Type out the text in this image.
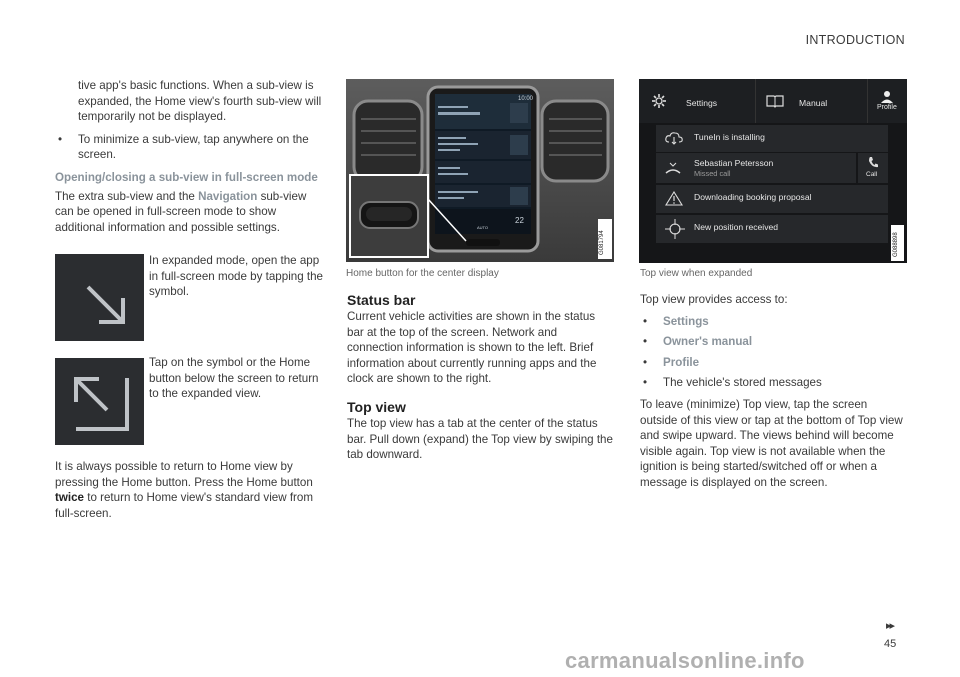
INTRODUCTION

tive app's basic functions. When a sub-view is expanded, the Home view's fourth sub-view will temporarily not be displayed.

• To minimize a sub-view, tap anywhere on the screen.

Opening/closing a sub-view in full-screen mode

The extra sub-view and the Navigation sub-view can be opened in full-screen mode to show additional information and possible settings.

In expanded mode, open the app in full-screen mode by tapping the symbol.
Tap on the symbol or the Home button below the screen to return to the expanded view.
It is always possible to return to Home view by pressing the Home button. Press the Home button twice to return to Home view's standard view from full-screen.
10:00
22
AUTO
G081794
Home button for the center display

Status bar

Current vehicle activities are shown in the status bar at the top of the screen. Network and connection information is shown to the left. Brief information about currently running apps and the clock are shown to the right.

Top view

The top view has a tab at the center of the status bar. Pull down (expand) the Top view by swiping the tab downward.

Settings	Manual	Profile
TuneIn is installing
Sebastian Petersson
Missed call	Call
Downloading booking proposal
New position received
G088898
Top view when expanded

Top view provides access to:

• Settings

• Owner's manual

• Profile

• The vehicle's stored messages

To leave (minimize) Top view, tap the screen outside of this view or tap at the bottom of Top view and swipe upward. The views behind will become visible again. Top view is not available when the ignition is being started/switched off or when a message is displayed on the screen.

▸▸
45
carmanualsonline.info
